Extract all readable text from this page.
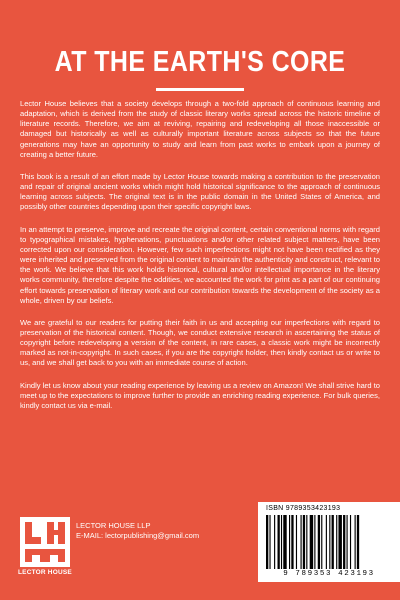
AT THE EARTH'S CORE

Lector House believes that a society develops through a two-fold approach of continuous learning and adaptation, which is derived from the study of classic literary works spread across the historic timeline of literature records. Therefore, we aim at reviving, repairing and redeveloping all those inaccessible or damaged but historically as well as culturally important literature across subjects so that the future generations may have an opportunity to study and learn from past works to embark upon a journey of creating a better future.

This book is a result of an effort made by Lector House towards making a contribution to the preservation and repair of original ancient works which might hold historical significance to the approach of continuous learning across subjects. The original text is in the public domain in the United States of America, and possibly other countries depending upon their specific copyright laws.

In an attempt to preserve, improve and recreate the original content, certain conventional norms with regard to typographical mistakes, hyphenations, punctuations and/or other related subject matters, have been corrected upon our consideration. However, few such imperfections might not have been rectified as they were inherited and preserved from the original content to maintain the authenticity and construct, relevant to the work. We believe that this work holds historical, cultural and/or intellectual importance in the literary works community, therefore despite the oddities, we accounted the work for print as a part of our continuing effort towards preservation of literary work and our contribution towards the development of the society as a whole, driven by our beliefs.

We are grateful to our readers for putting their faith in us and accepting our imperfections with regard to preservation of the historical content. Though, we conduct extensive research in ascertaining the status of copyright before redeveloping a version of the content, in rare cases, a classic work might be incorrectly marked as not-in-copyright. In such cases, if you are the copyright holder, then kindly contact us or write to us, and we shall get back to you with an immediate course of action.

Kindly let us know about your reading experience by leaving us a review on Amazon! We shall strive hard to meet up to the expectations to improve further to provide an enriching reading experience. For bulk queries, kindly contact us via e-mail.

LECTOR HOUSE
LECTOR HOUSE LLP
E-MAIL: lectorpublishing@gmail.com
ISBN 9789353423193
9 789353 423193
